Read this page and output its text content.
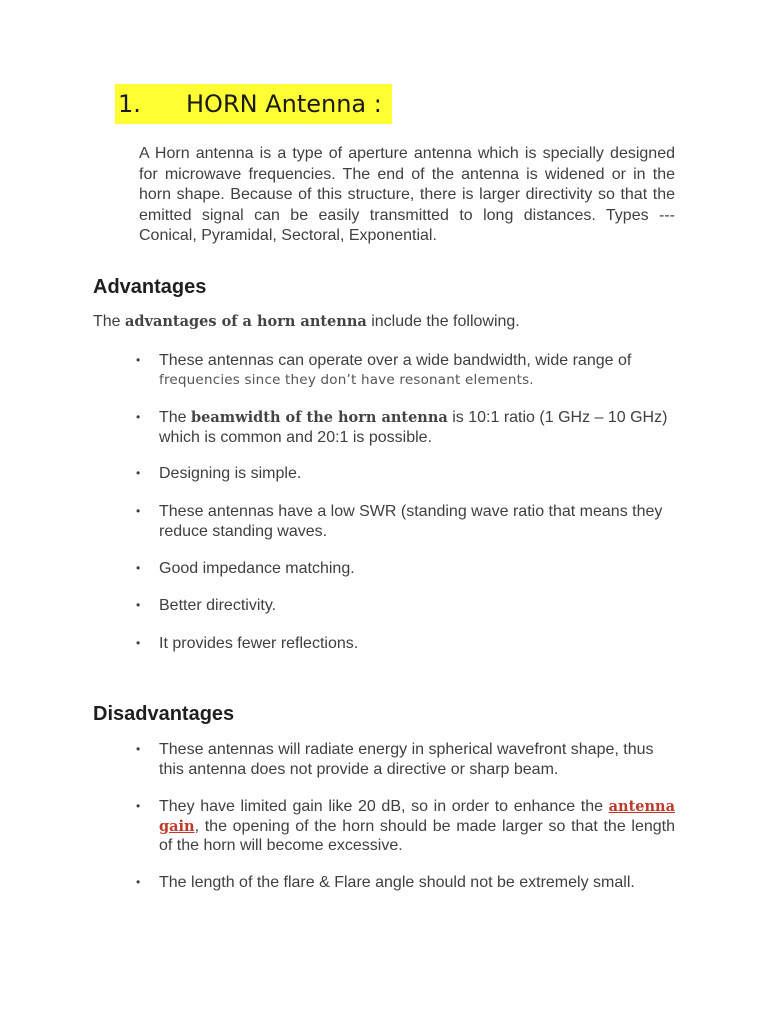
1.	HORN Antenna :
A Horn antenna is a type of aperture antenna which is specially designed for microwave frequencies. The end of the antenna is widened or in the horn shape. Because of this structure, there is larger directivity so that the emitted signal can be easily transmitted to long distances. Types --- Conical, Pyramidal, Sectoral, Exponential.
Advantages
The advantages of a horn antenna include the following.
• These antennas can operate over a wide bandwidth, wide range of
frequencies since they don’t have resonant elements.
• The beamwidth of the horn antenna is 10:1 ratio (1 GHz – 10 GHz) which is common and 20:1 is possible.
• Designing is simple.
• These antennas have a low SWR (standing wave ratio that means they reduce standing waves.
• Good impedance matching.
• Better directivity.
• It provides fewer reflections.
Disadvantages
• These antennas will radiate energy in spherical wavefront shape, thus this antenna does not provide a directive or sharp beam.
• They have limited gain like 20 dB, so in order to enhance the antenna gain, the opening of the horn should be made larger so that the length of the horn will become excessive.
• The length of the flare & Flare angle should not be extremely small.
